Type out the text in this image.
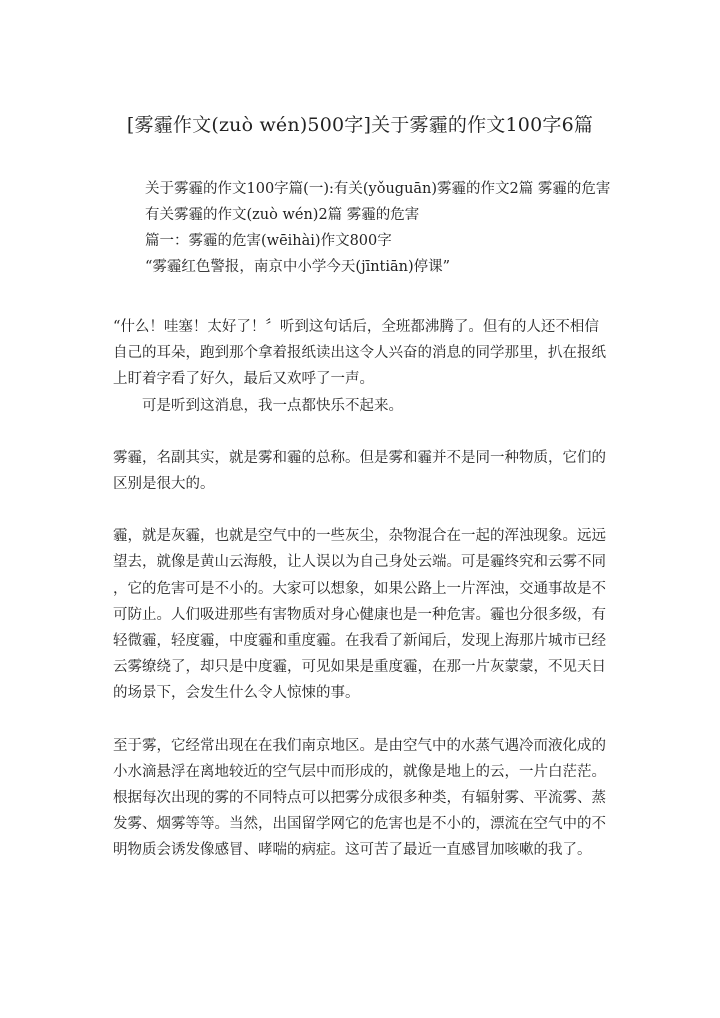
[雾霾作文(zuò wén)500字]关于雾霾的作文100字6篇
关于雾霾的作文100字篇(一):有关(yǒuguān)雾霾的作文2篇 雾霾的危害
有关雾霾的作文(zuò wén)2篇 雾霾的危害
篇一：雾霾的危害(wēihài)作文800字
“雾霾红色警报，南京中小学今天(jīntiān)停课”

“什么！哇塞！太好了！〞听到这句话后，全班都沸腾了。但有的人还不相信
自己的耳朵，跑到那个拿着报纸读出这令人兴奋的消息的同学那里，扒在报纸
上盯着字看了好久，最后又欢呼了一声。

可是听到这消息，我一点都快乐不起来。

雾霾，名副其实，就是雾和霾的总称。但是雾和霾并不是同一种物质，它们的
区别是很大的。

霾，就是灰霾，也就是空气中的一些灰尘，杂物混合在一起的浑浊现象。远远
望去，就像是黄山云海般，让人误以为自己身处云端。可是霾终究和云雾不同
，它的危害可是不小的。大家可以想象，如果公路上一片浑浊，交通事故是不
可防止。人们吸进那些有害物质对身心健康也是一种危害。霾也分很多级，有
轻微霾，轻度霾，中度霾和重度霾。在我看了新闻后，发现上海那片城市已经
云雾缭绕了，却只是中度霾，可见如果是重度霾，在那一片灰蒙蒙，不见天日
的场景下，会发生什么令人惊悚的事。

至于雾，它经常出现在在我们南京地区。是由空气中的水蒸气遇冷而液化成的
小水滴悬浮在离地较近的空气层中而形成的，就像是地上的云，一片白茫茫。
根据每次出现的雾的不同特点可以把雾分成很多种类，有辐射雾、平流雾、蒸
发雾、烟雾等等。当然，出国留学网它的危害也是不小的，漂流在空气中的不
明物质会诱发像感冒、哮喘的病症。这可苦了最近一直感冒加咳嗽的我了。
